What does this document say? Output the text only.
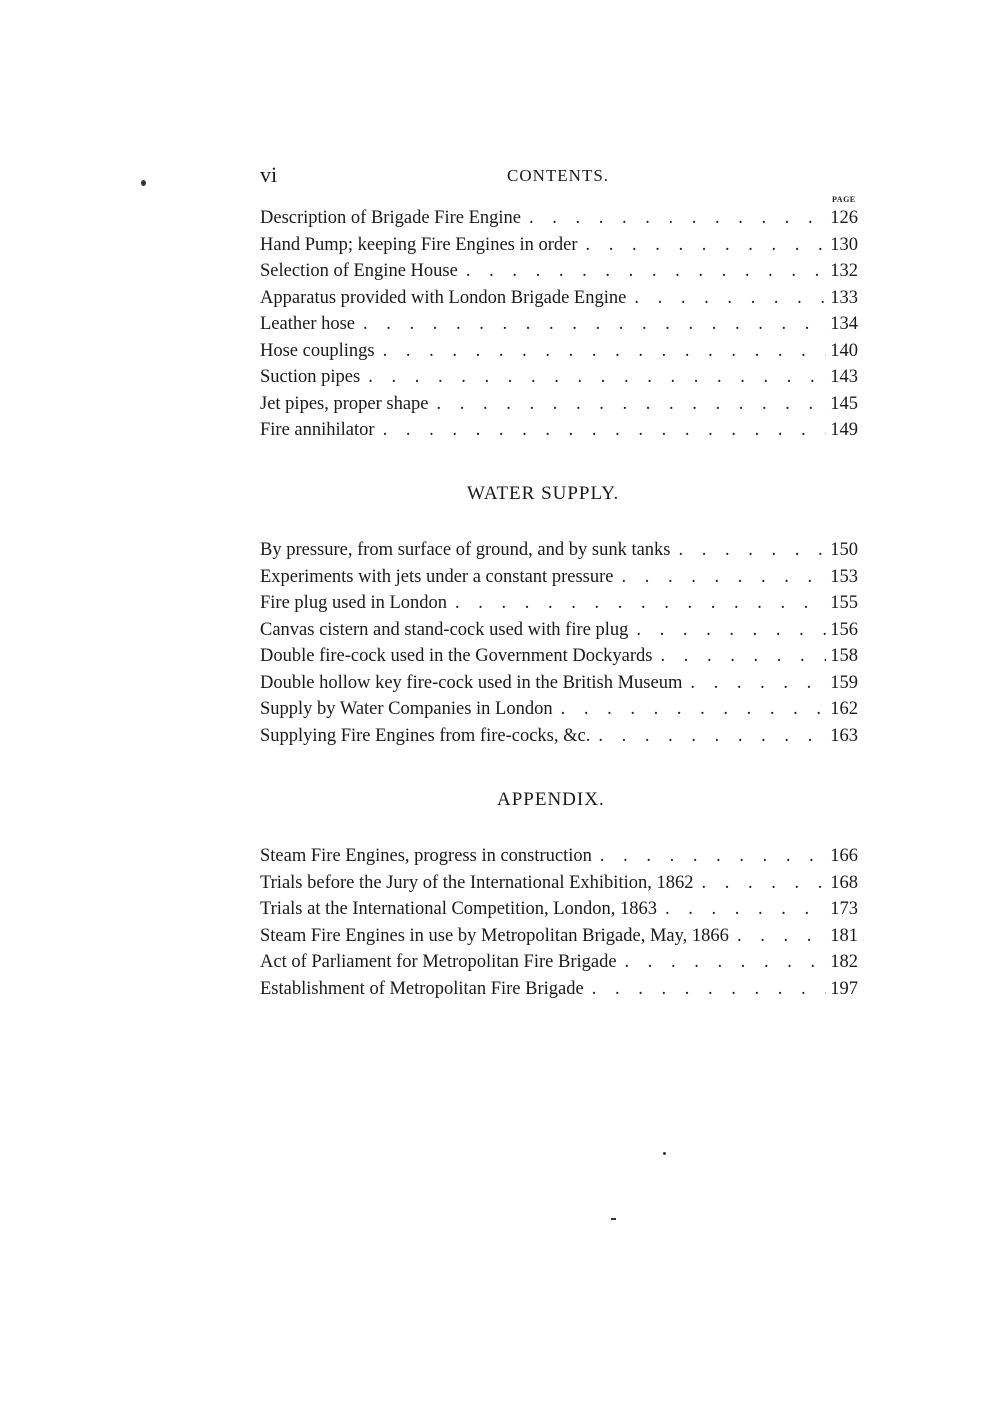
vi	CONTENTS.
PAGE
Description of Brigade Fire Engine . . .	126
Hand Pump; keeping Fire Engines in order . . .	130
Selection of Engine House . . .	132
Apparatus provided with London Brigade Engine . . .	133
Leather hose . . .	134
Hose couplings . . .	140
Suction pipes . . .	143
Jet pipes, proper shape . . .	145
Fire annihilator . . .	149
WATER SUPPLY.
By pressure, from surface of ground, and by sunk tanks . . .	150
Experiments with jets under a constant pressure . . .	153
Fire plug used in London . . .	155
Canvas cistern and stand-cock used with fire plug . . .	156
Double fire-cock used in the Government Dockyards . . .	158
Double hollow key fire-cock used in the British Museum . . .	159
Supply by Water Companies in London . . .	162
Supplying Fire Engines from fire-cocks, &c. . . .	163
APPENDIX.
Steam Fire Engines, progress in construction . . .	166
Trials before the Jury of the International Exhibition, 1862 . . .	168
Trials at the International Competition, London, 1863 . . .	173
Steam Fire Engines in use by Metropolitan Brigade, May, 1866 . . .	181
Act of Parliament for Metropolitan Fire Brigade . . .	182
Establishment of Metropolitan Fire Brigade . . .	197
